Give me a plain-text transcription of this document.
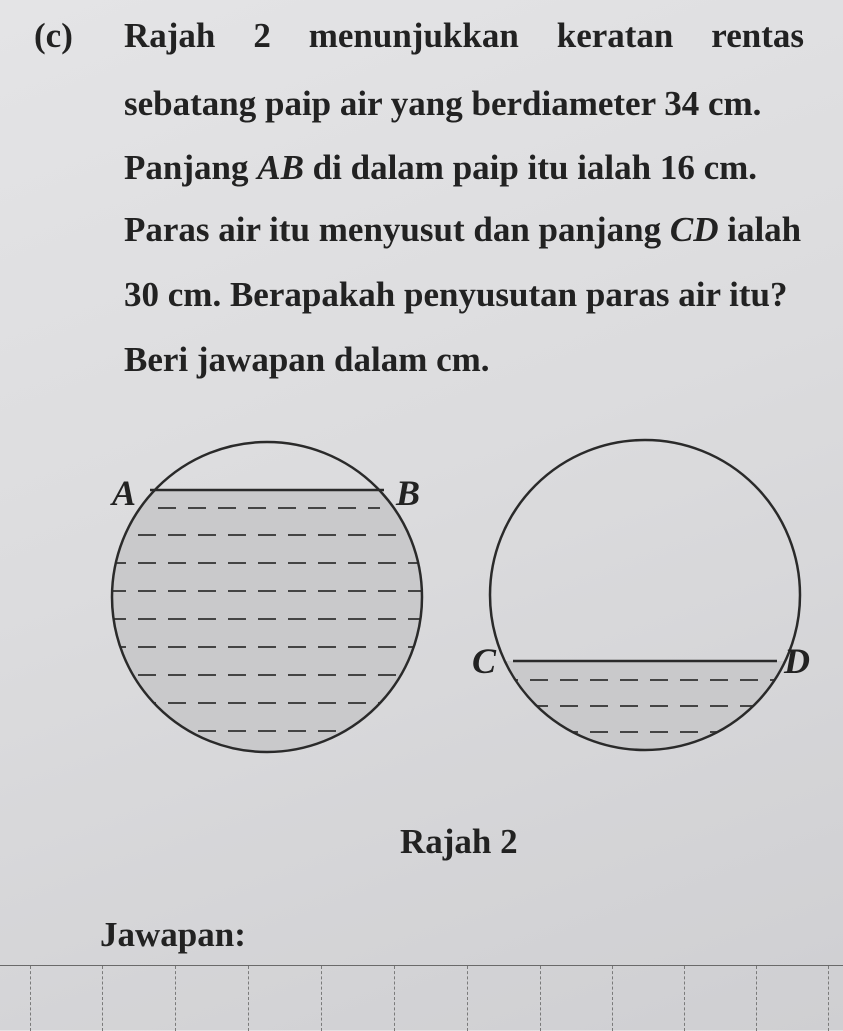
(c) Rajah 2 menunjukkan keratan rentas
sebatang paip air yang berdiameter 34 cm.
Panjang AB di dalam paip itu ialah 16 cm.
Paras air itu menyusut dan panjang CD ialah
30 cm. Berapakah penyusutan paras air itu?
Beri jawapan dalam cm.
A	B
C	D
Rajah 2
Jawapan:
